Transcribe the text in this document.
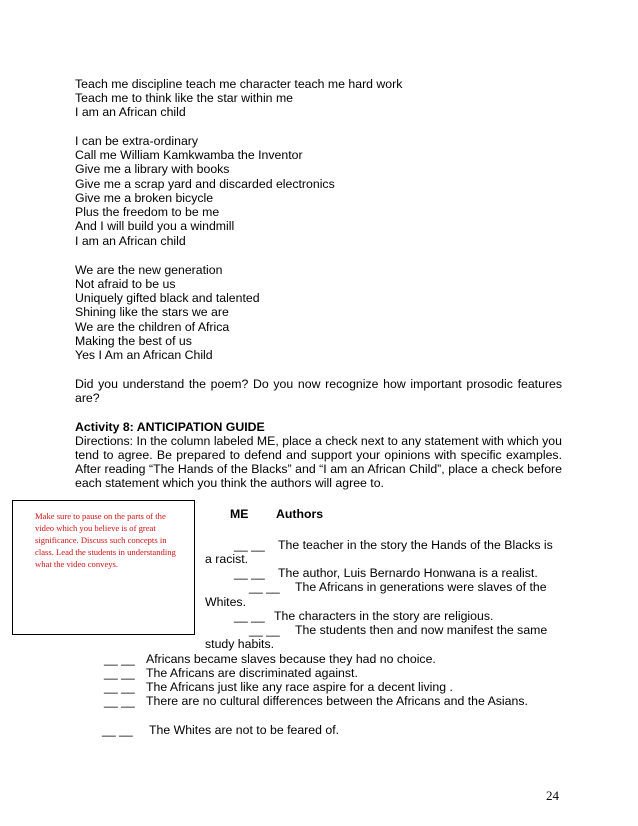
Teach me discipline teach me character teach me hard work
Teach me to think like the star within me
I am an African child
I can be extra-ordinary
Call me William Kamkwamba the Inventor
Give me a library with books
Give me a scrap yard and discarded electronics
Give me a broken bicycle
Plus the freedom to be me
And I will build you a windmill
I am an African child
We are the new generation
Not afraid to be us
Uniquely gifted black and talented
Shining like the stars we are
We are the children of Africa
Making the best of us
Yes I Am an African Child
Did you understand the poem? Do you now recognize how important prosodic features are?
Activity 8: ANTICIPATION GUIDE
Directions: In the column labeled ME, place a check next to any statement with which you tend to agree. Be prepared to defend and support your opinions with specific examples. After reading “The Hands of the Blacks” and “I am an African Child”, place a check before each statement which you think the authors will agree to.
ME Authors
__ __ The teacher in the story the Hands of the Blacks is
a racist.
__ __ The author, Luis Bernardo Honwana is a realist.
__ __ The Africans in generations were slaves of the
Whites.
__ __ The characters in the story are religious.
__ __ The students then and now manifest the same
study habits.
__ __ Africans became slaves because they had no choice.
__ __ The Africans are discriminated against.
__ __ The Africans just like any race aspire for a decent living .
__ __ There are no cultural differences between the Africans and the Asians.
__ __ The Whites are not to be feared of.
Make sure to pause on the parts of the video which you believe is of great significance. Discuss such concepts in class. Lead the students in understanding what the video conveys.
24
